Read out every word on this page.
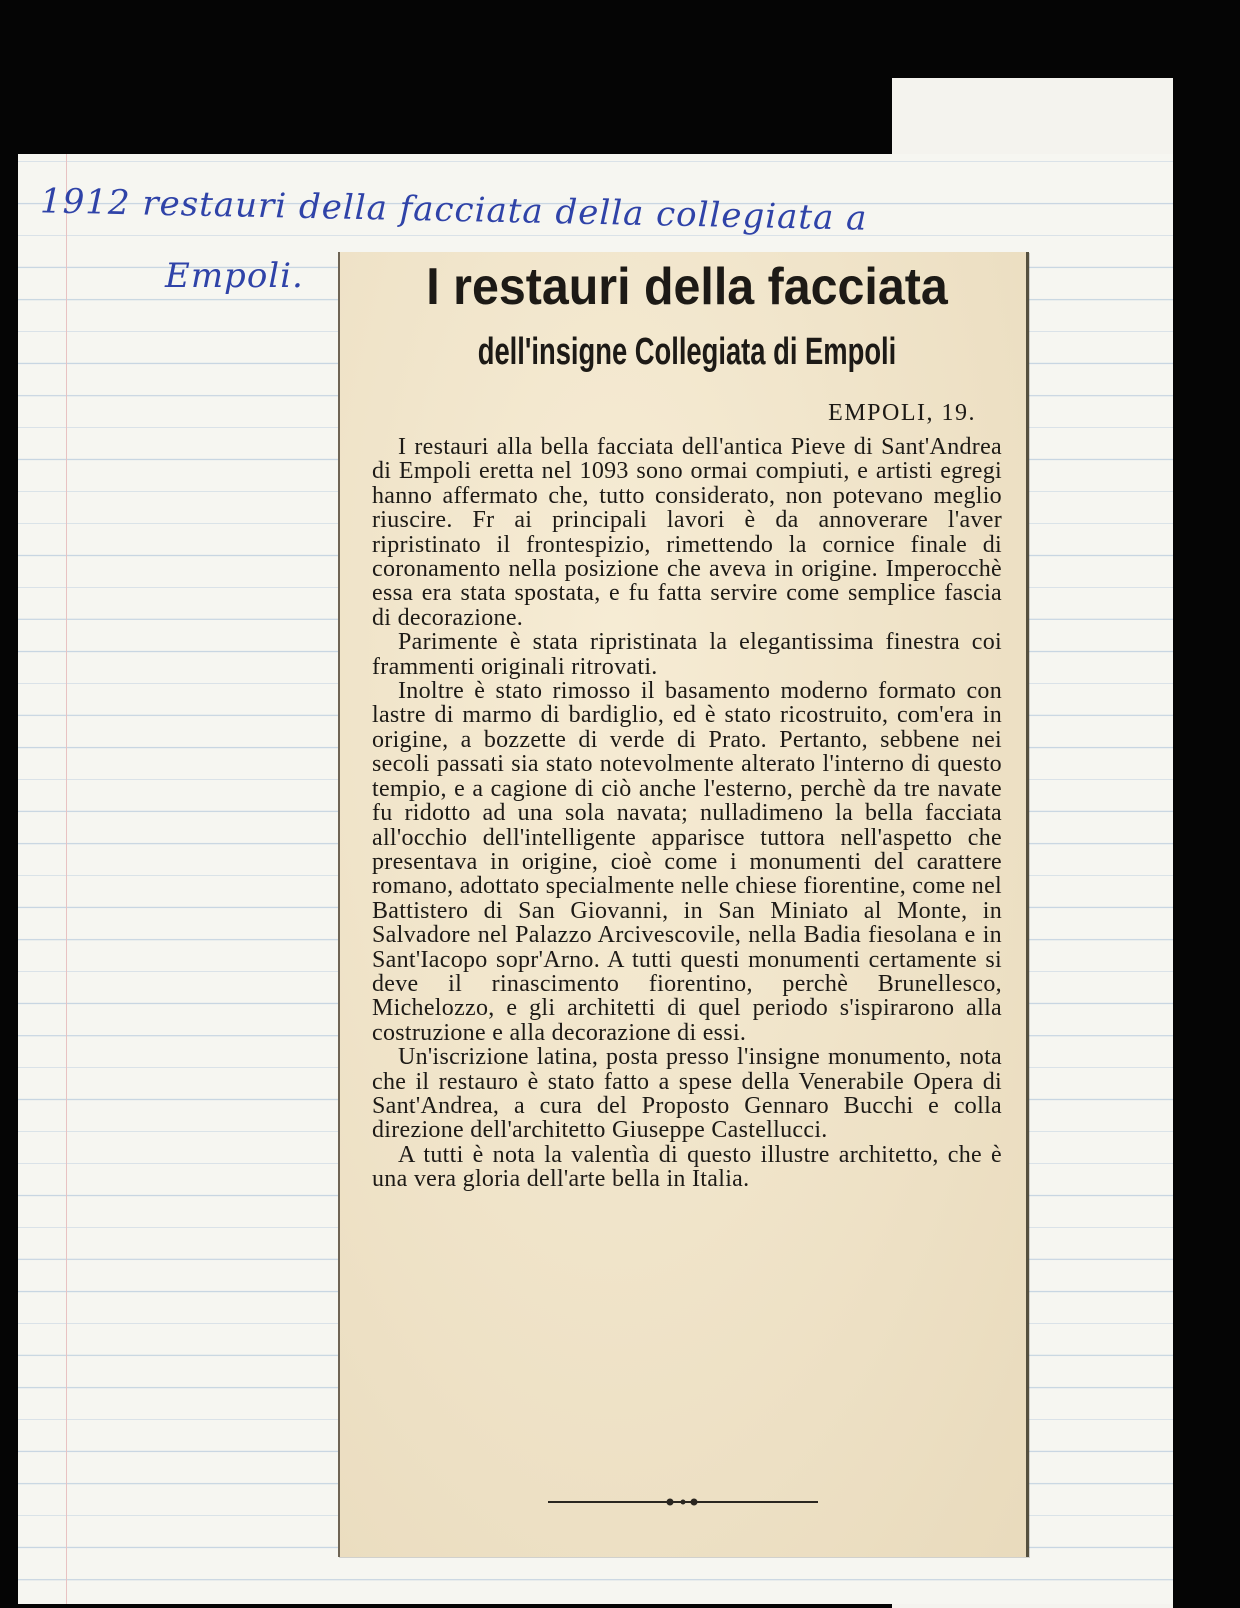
1912 restauri della facciata della collegiata a
Empoli.	I restauri della facciata
dell'insigne Collegiata di Empoli
EMPOLI, 19.

I restauri alla bella facciata dell'antica Pieve di Sant'Andrea di Empoli eretta nel 1093 sono ormai compiuti, e artisti egregi hanno affermato che, tutto considerato, non potevano meglio riuscire. Fr ai principali lavori è da annoverare l'aver ripristinato il frontespizio, rimettendo la cornice finale di coronamento nella posizione che aveva in origine. Imperocchè essa era stata spostata, e fu fatta servire come semplice fascia di decorazione.

Parimente è stata ripristinata la elegantissima finestra coi frammenti originali ritrovati.

Inoltre è stato rimosso il basamento moderno formato con lastre di marmo di bardiglio, ed è stato ricostruito, com'era in origine, a bozzette di verde di Prato. Pertanto, sebbene nei secoli passati sia stato notevolmente alterato l'interno di questo tempio, e a cagione di ciò anche l'esterno, perchè da tre navate fu ridotto ad una sola navata; nulladimeno la bella facciata all'occhio dell'intelligente apparisce tuttora nell'aspetto che presentava in origine, cioè come i monumenti del carattere romano, adottato specialmente nelle chiese fiorentine, come nel Battistero di San Giovanni, in San Miniato al Monte, in Salvadore nel Palazzo Arcivescovile, nella Badia fiesolana e in Sant'Iacopo sopr'Arno. A tutti questi monumenti certamente si deve il rinascimento fiorentino, perchè Brunellesco, Michelozzo, e gli architetti di quel periodo s'ispirarono alla costruzione e alla decorazione di essi.

Un'iscrizione latina, posta presso l'insigne monumento, nota che il restauro è stato fatto a spese della Venerabile Opera di Sant'Andrea, a cura del Proposto Gennaro Bucchi e colla direzione dell'architetto Giuseppe Castellucci.

A tutti è nota la valentìa di questo illustre architetto, che è una vera gloria dell'arte bella in Italia.
